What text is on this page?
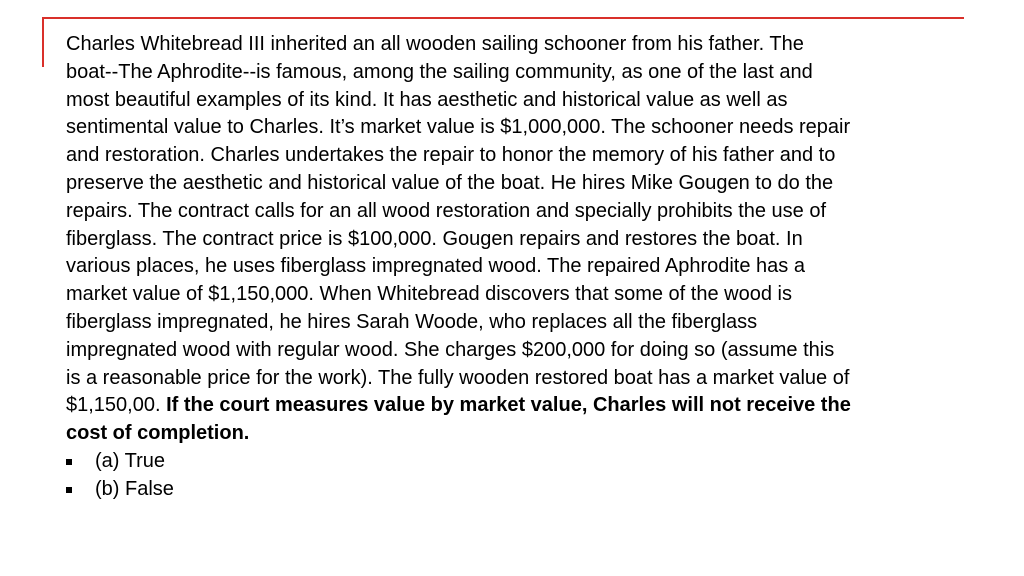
Charles Whitebread III inherited an all wooden sailing schooner from his father. The
boat--The Aphrodite--is famous, among the sailing community, as one of the last and
most beautiful examples of its kind. It has aesthetic and historical value as well as
sentimental value to Charles. It’s market value is $1,000,000. The schooner needs repair
and restoration. Charles undertakes the repair to honor the memory of his father and to
preserve the aesthetic and historical value of the boat. He hires Mike Gougen to do the
repairs. The contract calls for an all wood restoration and specially prohibits the use of
fiberglass. The contract price is $100,000. Gougen repairs and restores the boat. In
various places, he uses fiberglass impregnated wood. The repaired Aphrodite has a
market value of $1,150,000. When Whitebread discovers that some of the wood is
fiberglass impregnated, he hires Sarah Woode, who replaces all the fiberglass
impregnated wood with regular wood. She charges $200,000 for doing so (assume this
is a reasonable price for the work). The fully wooden restored boat has a market value of
$1,150,00. If the court measures value by market value, Charles will not receive the
cost of completion.

(a) True
(b) False
